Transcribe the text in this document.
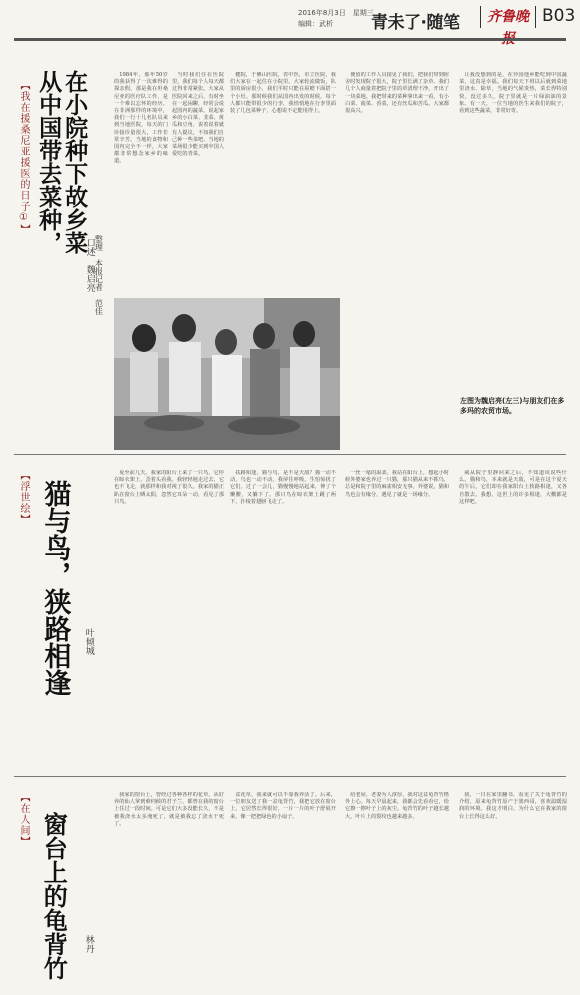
2016年8月3日　星期三
编辑：武析 青未了·随笔	齐鲁晚报
B03
【我在援桑尼亚援医的日子①】 在小院种下故乡菜
从中国带去菜种，
口述　魏启亮 整理　本报记者　范佳

1984年，那年50岁的我获得了一次难得的探亲假。那是我在坦桑尼亚的医疗队工作，是一个难以忘怀的经历。在非洲那样的环境中，我们一行十几名队员来到当地医院，每天的门诊接诊量很大，工作非常辛苦。当地的食物和国内完全不一样，大家都非常想念家乡的味道。

当时我们住在医院里，我们每个人每天都过得非常紧张。大家从医院回来之后，有时坐在一起闲聊，经常会说起国内的蔬菜，说起家乡的小白菜、韭菜、黄瓜和豆角，说着说着就有人提议，不如我们自己种一些菜吧。当地的菜场很少能买到中国人爱吃的青菜。

健院，于佛山医院，省中医，市立医院，我们大家在一起住在小院里。大家轮流做饭，队里的厨房很小，我们平时只能在屋檐下面搭一个小灶。那时候我们从国内出发的时候，每个人都只能带很少的行李，我悄悄地在行李里面装了几包菜种子，心想说不定能用得上。

便留的工作人员接见了我们，把我们带到宿舍时发现院子很大，院子里长满了杂草。我们几个人商量着把院子里的草清理干净，开出了一块菜地。我把带来的菜种拿出来一看，有小白菜、菠菜、香菜，还有丝瓜和苦瓜。大家都很高兴。

让我没想到的是，在异国他乡能吃到中国蔬菜，这真是幸福。我们每天下班以后就到菜地里浇水、除草，当地的气候炎热，菜长得特别快，没过多久，院子里就是一片绿油油的景象。有一天，一位当地的医生来我们的院子，看到这些蔬菜，非常好奇。

左图为魏启亮(左三)与朋友们在多多玛的农贸市场。
【浮世绘】 猫与鸟，狭路相逢 叶倾城

夏至前几天，我家的阳台上来了一只鸟，它停在晾衣架上，歪着头看我。我轻轻地走过去，它也不飞走，就那样和我对视了很久。我家的猫正趴在窗台上晒太阳，忽然它耳朵一动，看见了那只鸟。

扶路相逢，猫与鸟，是不是天敌？猫一动不动，鸟也一动不动。我屏住呼吸，生怕惊扰了它们。过了一会儿，猫慢慢地站起来，伸了个懒腰，又躺下了。那只鸟在晾衣架上跳了两下，扑棱着翅膀飞走了。

一丝一毫的温柔。我站在阳台上，想起小时候外婆家也养过一只猫，那只猫从来不抓鸟，总是和院子里的麻雀相安无事。外婆说，猫和鸟也会有缘分，遇见了就是一场缘分。

威从院子里静回来之后，不知道该说些什么。猫和鸟，本来就是天敌，可是在这个夏天的午后，它们却在我家阳台上狭路相逢，又各自散去。我想，这世上的许多相逢，大概都是这样吧。

【在人间】 窗台上的龟背竹 林丹

我家的窗台上，曾经过各种各样的花草，从好养的仙人掌到难伺候的君子兰，都曾在我的窗台上住过一段时间。可是它们大多没能长久，不是被我浇水太多淹死了，就是被我忘了浇水干死了。

盆花草，我来就可以不靠我养活了。后来，一位朋友送了我一盆龟背竹，我把它放在窗台上，它居然长得很好，一片一片的叶子舒展开来，像一把把绿色的小扇子。

给老屋，老妻为人淳厚，我对这盆龟背竹格外上心。每天早晨起来，我都会先看看它，给它擦一擦叶子上的灰尘。龟背竹的叶子越长越大，叶片上的裂纹也越来越多。

我，一日在家里翻书，看见了关于龟背竹的介绍，原来龟背竹原产于墨西哥，喜欢温暖湿润的环境。我这才明白，为什么它在我家的窗台上长得这么好。
